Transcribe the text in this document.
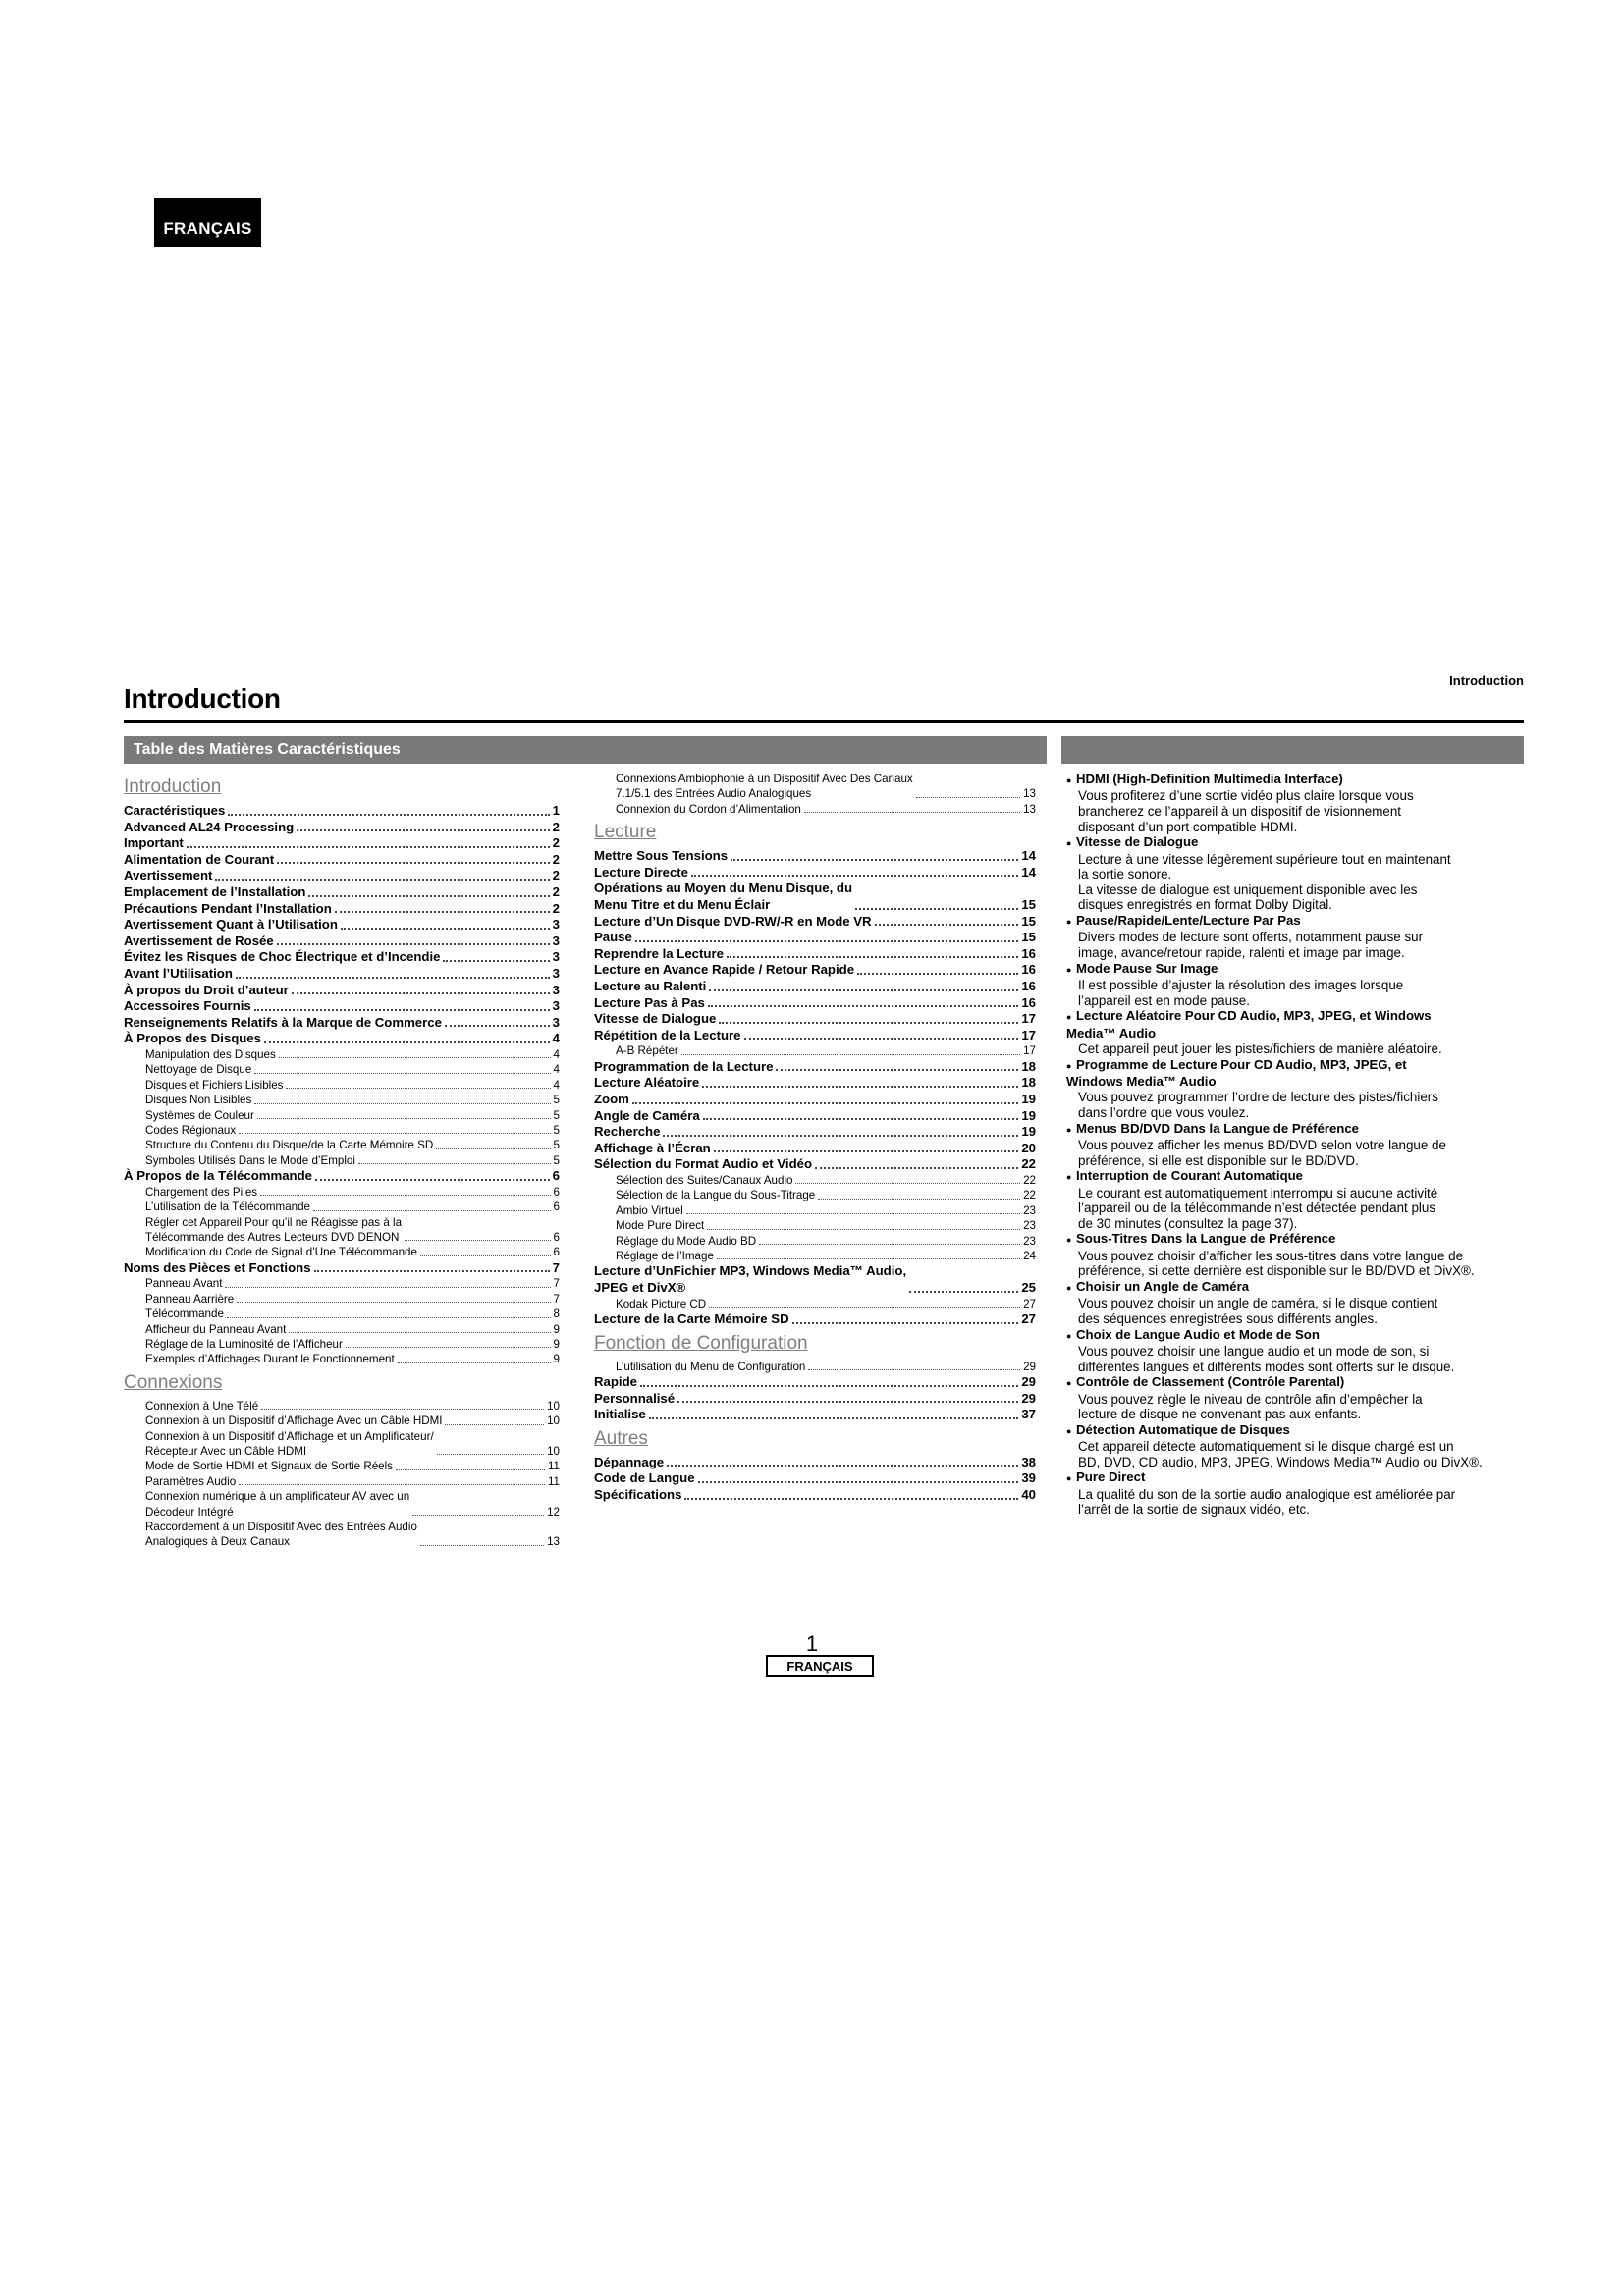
FRANÇAIS
Introduction
Introduction
Table des Matières Caractéristiques
Introduction
Caractéristiques	1
Advanced AL24 Processing	2
Important	2
Alimentation de Courant	2
Avertissement	2
Emplacement de l’Installation	2
Précautions Pendant l’Installation	2
Avertissement Quant à l’Utilisation	3
Avertissement de Rosée	3
Évitez les Risques de Choc Électrique et d’Incendie	3
Avant l’Utilisation	3
À propos du Droit d’auteur	3
Accessoires Fournis	3
Renseignements Relatifs à la Marque de Commerce	3
À Propos des Disques	4
Manipulation des Disques	4
Nettoyage de Disque	4
Disques et Fichiers Lisibles	4
Disques Non Lisibles	5
Systèmes de Couleur	5
Codes Régionaux	5
Structure du Contenu du Disque/de la Carte Mémoire SD	5
Symboles Utilisés Dans le Mode d’Emploi	5
À Propos de la Télécommande	6
Chargement des Piles	6
L’utilisation de la Télécommande	6
Régler cet Appareil Pour qu’il ne Réagisse pas à la
Télécommande des Autres Lecteurs DVD DENON	6
Modification du Code de Signal d’Une Télécommande	6
Noms des Pièces et Fonctions	7
Panneau Avant	7
Panneau Aarrière	7
Télécommande	8
Afficheur du Panneau Avant	9
Réglage de la Luminosité de l’Afficheur	9
Exemples d’Affichages Durant le Fonctionnement	9
Connexions
Connexion à Une Télé	10
Connexion à un Dispositif d’Affichage Avec un Câble HDMI	10
Connexion à un Dispositif d’Affichage et un Amplificateur/
Récepteur Avec un Câble HDMI	10
Mode de Sortie HDMI et Signaux de Sortie Réels	11
Paramètres Audio	11
Connexion numérique à un amplificateur AV avec un
Décodeur Intégré	12
Raccordement à un Dispositif Avec des Entrées Audio
Analogiques à Deux Canaux	13
Connexions Ambiophonie à un Dispositif Avec Des Canaux
7.1/5.1 des Entrées Audio Analogiques	13
Connexion du Cordon d’Alimentation	13
Lecture
Mettre Sous Tensions	14
Lecture Directe	14
Opérations au Moyen du Menu Disque, du
Menu Titre et du Menu Éclair	15
Lecture d’Un Disque DVD-RW/-R en Mode VR	15
Pause	15
Reprendre la Lecture	16
Lecture en Avance Rapide / Retour Rapide	16
Lecture au Ralenti	16
Lecture Pas à Pas	16
Vitesse de Dialogue	17
Répétition de la Lecture	17
A-B Répéter	17
Programmation de la Lecture	18
Lecture Aléatoire	18
Zoom	19
Angle de Caméra	19
Recherche	19
Affichage à l’Écran	20
Sélection du Format Audio et Vidéo	22
Sélection des Suites/Canaux Audio	22
Sélection de la Langue du Sous-Titrage	22
Ambio Virtuel	23
Mode Pure Direct	23
Réglage du Mode Audio BD	23
Réglage de l’Image	24
Lecture d’UnFichier MP3, Windows Media™ Audio,
JPEG et DivX®	25
Kodak Picture CD	27
Lecture de la Carte Mémoire SD	27
Fonction de Configuration
L’utilisation du Menu de Configuration	29
Rapide	29
Personnalisé	29
Initialise	37
Autres
Dépannage	38
Code de Langue	39
Spécifications	40
● HDMI (High-Definition Multimedia Interface)
Vous profiterez d’une sortie vidéo plus claire lorsque vous
brancherez ce l’appareil à un dispositif de visionnement
disposant d’un port compatible HDMI.
● Vitesse de Dialogue
Lecture à une vitesse légèrement supérieure tout en maintenant
la sortie sonore.
La vitesse de dialogue est uniquement disponible avec les
disques enregistrés en format Dolby Digital.
● Pause/Rapide/Lente/Lecture Par Pas
Divers modes de lecture sont offerts, notamment pause sur
image, avance/retour rapide, ralenti et image par image.
● Mode Pause Sur Image
Il est possible d’ajuster la résolution des images lorsque
l’appareil est en mode pause.
● Lecture Aléatoire Pour CD Audio, MP3, JPEG, et Windows
Media™ Audio
Cet appareil peut jouer les pistes/fichiers de manière aléatoire.
● Programme de Lecture Pour CD Audio, MP3, JPEG, et
Windows Media™ Audio
Vous pouvez programmer l’ordre de lecture des pistes/fichiers
dans l’ordre que vous voulez.
● Menus BD/DVD Dans la Langue de Préférence
Vous pouvez afficher les menus BD/DVD selon votre langue de
préférence, si elle est disponible sur le BD/DVD.
● Interruption de Courant Automatique
Le courant est automatiquement interrompu si aucune activité
l’appareil ou de la télécommande n’est détectée pendant plus
de 30 minutes (consultez la page 37).
● Sous-Titres Dans la Langue de Préférence
Vous pouvez choisir d’afficher les sous-titres dans votre langue de
préférence, si cette dernière est disponible sur le BD/DVD et DivX®.
● Choisir un Angle de Caméra
Vous pouvez choisir un angle de caméra, si le disque contient
des séquences enregistrées sous différents angles.
● Choix de Langue Audio et Mode de Son
Vous pouvez choisir une langue audio et un mode de son, si
différentes langues et différents modes sont offerts sur le disque.
● Contrôle de Classement (Contrôle Parental)
Vous pouvez règle le niveau de contrôle afin d’empêcher la
lecture de disque ne convenant pas aux enfants.
● Détection Automatique de Disques
Cet appareil détecte automatiquement si le disque chargé est un
BD, DVD, CD audio, MP3, JPEG, Windows Media™ Audio ou DivX®.
● Pure Direct
La qualité du son de la sortie audio analogique est améliorée par
l’arrêt de la sortie de signaux vidéo, etc.
1
FRANÇAIS
